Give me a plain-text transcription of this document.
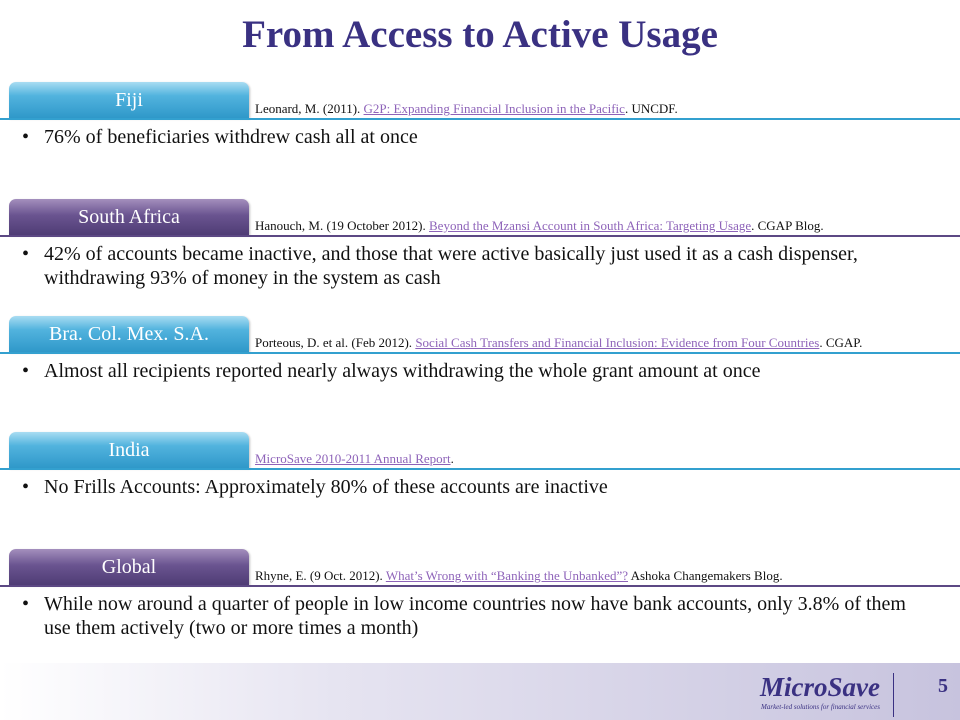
From Access to Active Usage
Fiji	Leonard, M. (2011). G2P: Expanding Financial Inclusion in the Pacific. UNCDF.
• 76% of beneficiaries withdrew cash all at once
South Africa	Hanouch, M. (19 October 2012). Beyond the Mzansi Account in South Africa: Targeting Usage. CGAP Blog.
• 42% of accounts became inactive, and those that were active basically just used it as a cash dispenser, withdrawing 93% of money in the system as cash
Bra. Col. Mex. S.A.	Porteous, D. et al. (Feb 2012). Social Cash Transfers and Financial Inclusion: Evidence from Four Countries. CGAP.
• Almost all recipients reported nearly always withdrawing the whole grant amount at once
India	MicroSave 2010-2011 Annual Report.
• No Frills Accounts: Approximately 80% of these accounts are inactive
Global	Rhyne, E. (9 Oct. 2012). What’s Wrong with “Banking the Unbanked”? Ashoka Changemakers Blog.
• While now around a quarter of people in low income countries now have bank accounts, only 3.8% of them use them actively (two or more times a month)
MicroSave
Market-led solutions for financial services
5
